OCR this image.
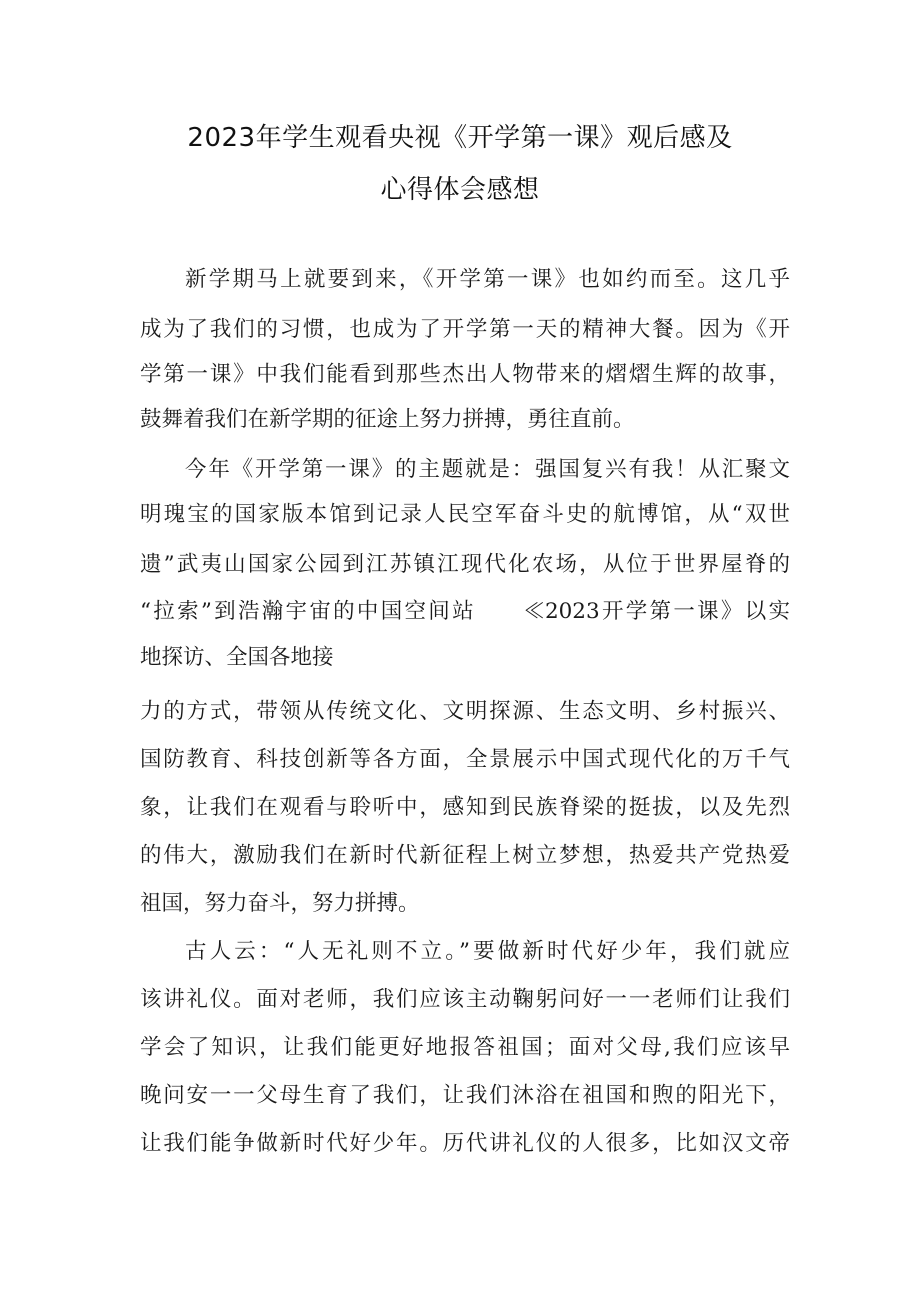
2023年学生观看央视《开学第一课》观后感及
心得体会感想
新学期马上就要到来，《开学第一课》也如约而至。这几乎
成为了我们的习惯，也成为了开学第一天的精神大餐。因为《开
学第一课》中我们能看到那些杰出人物带来的熠熠生辉的故事，
鼓舞着我们在新学期的征途上努力拼搏，勇往直前。
今年《开学第一课》的主题就是：强国复兴有我！从汇聚文
明瑰宝的国家版本馆到记录人民空军奋斗史的航博馆，从“双世
遗”武夷山国家公园到江苏镇江现代化农场，从位于世界屋脊的
“拉索”到浩瀚宇宙的中国空间站　　≪2023开学第一课》以实
地探访、全国各地接
力的方式，带领从传统文化、文明探源、生态文明、乡村振兴、
国防教育、科技创新等各方面，全景展示中国式现代化的万千气
象，让我们在观看与聆听中，感知到民族脊梁的挺拔，以及先烈
的伟大，激励我们在新时代新征程上树立梦想，热爱共产党热爱
祖国，努力奋斗，努力拼搏。
古人云：“人无礼则不立。”要做新时代好少年，我们就应
该讲礼仪。面对老师，我们应该主动鞠躬问好一一老师们让我们
学会了知识，让我们能更好地报答祖国；面对父母,我们应该早
晚问安一一父母生育了我们，让我们沐浴在祖国和煦的阳光下，
让我们能争做新时代好少年。历代讲礼仪的人很多，比如汉文帝
